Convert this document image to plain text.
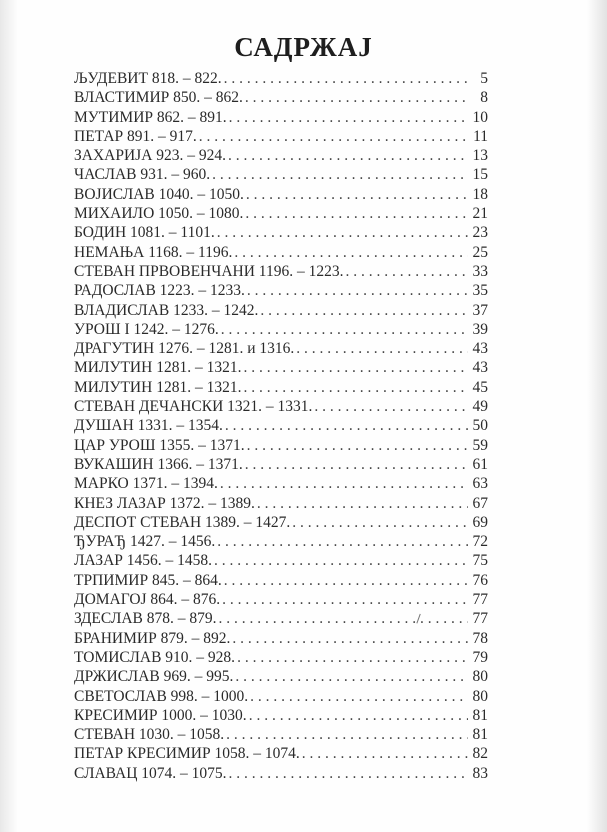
САДРЖАЈ
ЉУДЕВИТ 818. – 822. . . .	5
ВЛАСТИМИР 850. – 862. . . .	8
МУТИМИР 862. – 891. . . .	10
ПЕТАР 891. – 917. . . .	11
ЗАХАРИЈА 923. – 924. . . .	13
ЧАСЛАВ 931. – 960. . . .	15
ВОЈИСЛАВ 1040. – 1050. . . .	18
МИХАИЛО 1050. – 1080. . . .	21
БОДИН 1081. – 1101. . . .	23
НЕМАЊА 1168. – 1196. . . .	25
СТЕВАН ПРВОВЕНЧАНИ 1196. – 1223. . . .	33
РАДОСЛАВ 1223. – 1233. . . .	35
ВЛАДИСЛАВ 1233. – 1242. . . .	37
УРОШ I 1242. – 1276. . . .	39
ДРАГУТИН 1276. – 1281. и 1316. . . .	43
МИЛУТИН 1281. – 1321. . . .	43
МИЛУТИН 1281. – 1321. . . .	45
СТЕВАН ДЕЧАНСКИ 1321. – 1331. . . .	49
ДУШАН 1331. – 1354. . . .	50
ЦАР УРОШ 1355. – 1371. . . .	59
ВУКАШИН 1366. – 1371. . . .	61
МАРКО 1371. – 1394. . . .	63
КНЕЗ ЛАЗАР 1372. – 1389. . . .	67
ДЕСПОТ СТЕВАН 1389. – 1427. . . .	69
ЂУРАЂ 1427. – 1456. . . .	72
ЛАЗАР 1456. – 1458. . . .	75
ТРПИМИР 845. – 864. . . .	76
ДОМАГОЈ 864. – 876. . . .	77
ЗДЕСЛАВ 878. – 879. . . .	77
БРАНИМИР 879. – 892. . . .	78
ТОМИСЛАВ 910. – 928. . . .	79
ДРЖИСЛАВ 969. – 995. . . .	80
СВЕТОСЛАВ 998. – 1000. . . .	80
КРЕСИМИР 1000. – 1030. . . .	81
СТЕВАН 1030. – 1058. . . .	81
ПЕТАР КРЕСИМИР 1058. – 1074. . . .	82
СЛАВАЦ 1074. – 1075. . . .	83
